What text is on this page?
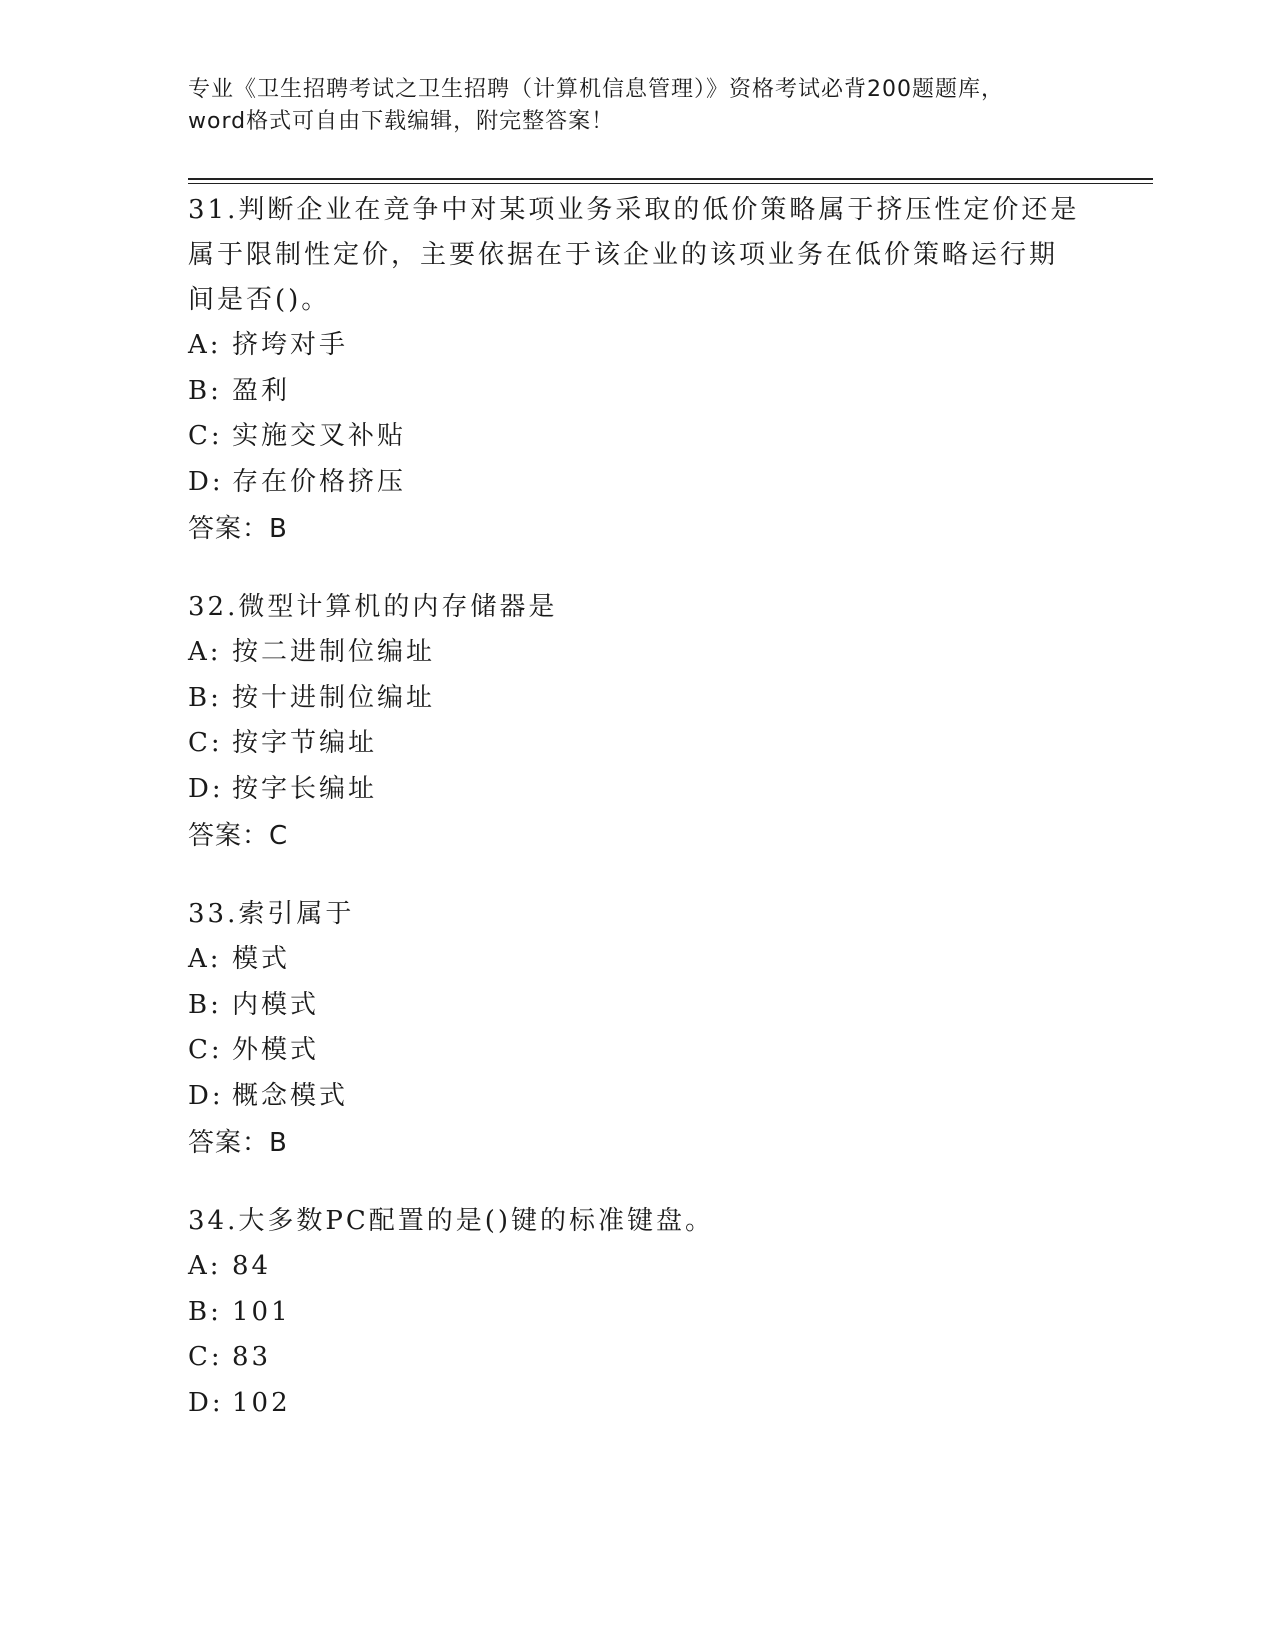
专业《卫生招聘考试之卫生招聘（计算机信息管理）》资格考试必背200题题库，
word格式可自由下载编辑，附完整答案！
31.判断企业在竞争中对某项业务采取的低价策略属于挤压性定价还是
属于限制性定价，主要依据在于该企业的该项业务在低价策略运行期
间是否()。
A: 挤垮对手
B: 盈利
C: 实施交叉补贴
D: 存在价格挤压
答案：B
32.微型计算机的内存储器是
A: 按二进制位编址
B: 按十进制位编址
C: 按字节编址
D: 按字长编址
答案：C
33.索引属于
A: 模式
B: 内模式
C: 外模式
D: 概念模式
答案：B
34.大多数PC配置的是()键的标准键盘。
A: 84
B: 101
C: 83
D: 102
